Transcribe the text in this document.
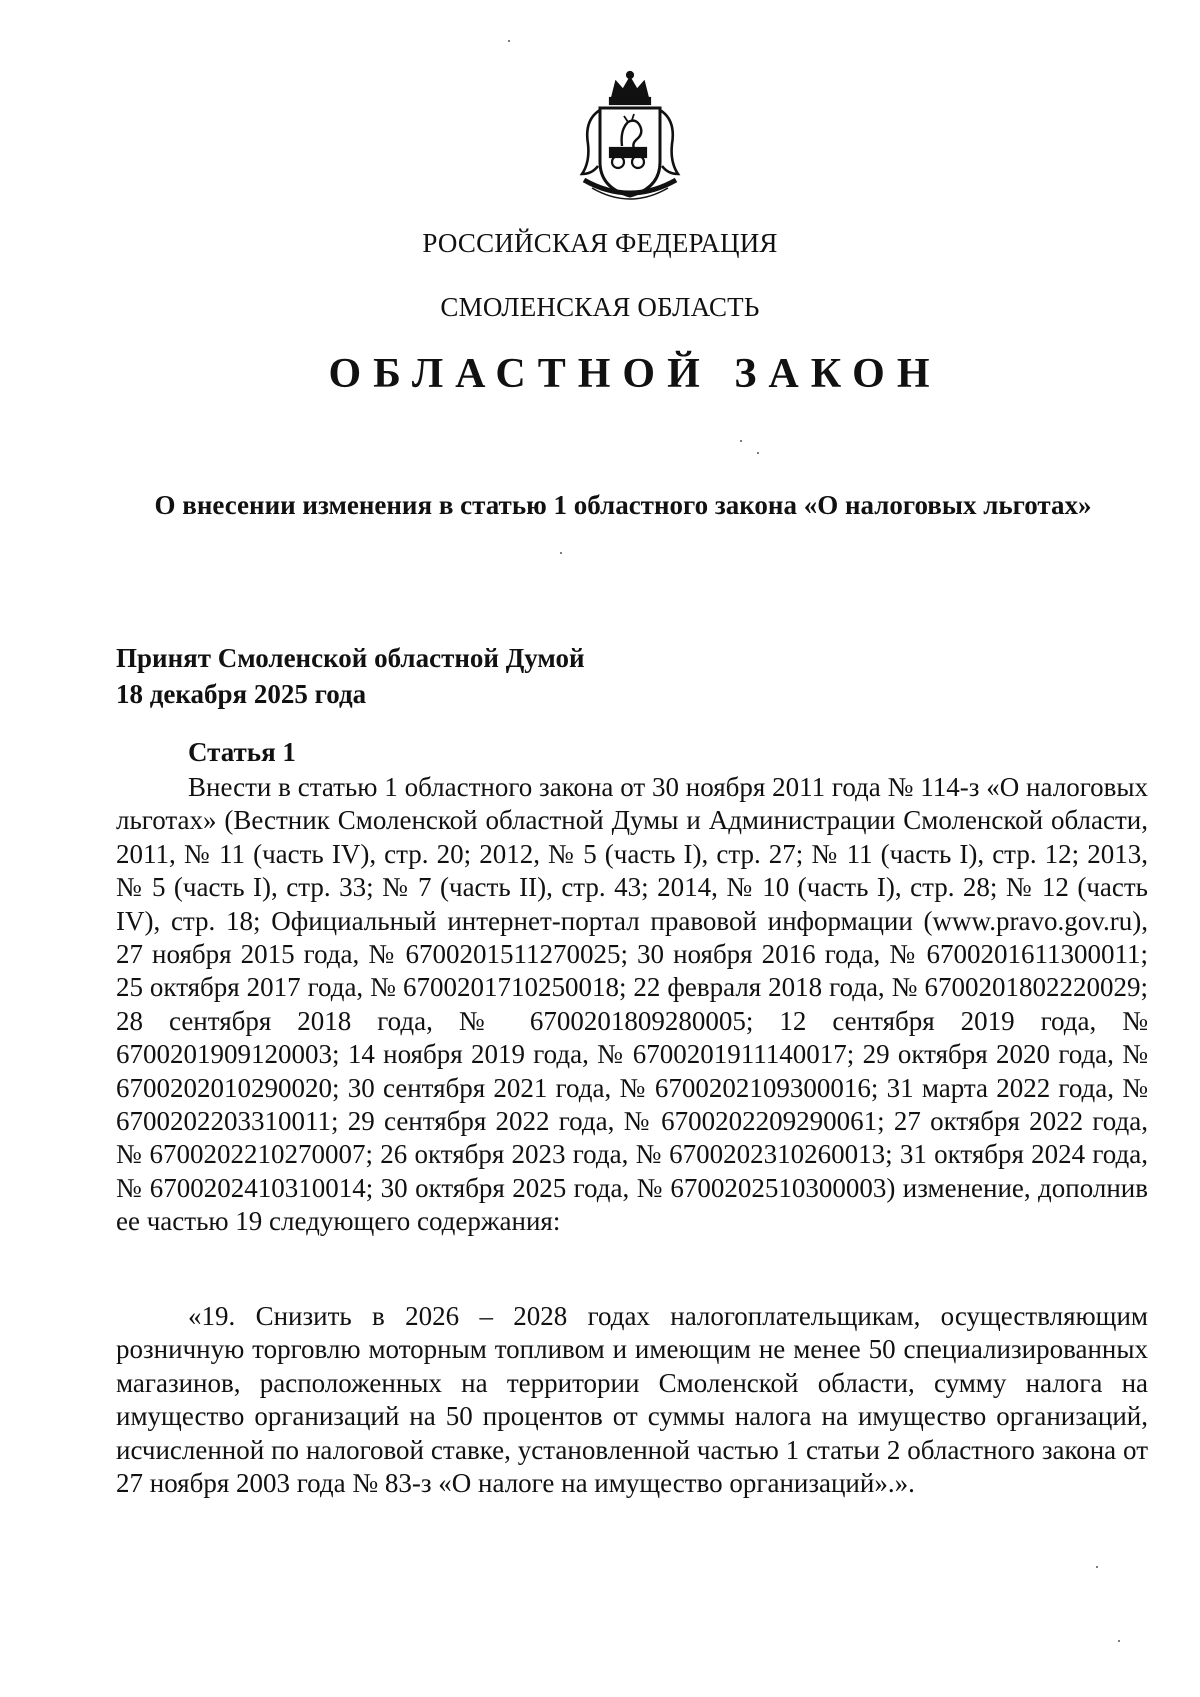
РОССИЙСКАЯ ФЕДЕРАЦИЯ
СМОЛЕНСКАЯ ОБЛАСТЬ
ОБЛАСТНОЙ ЗАКОН
О внесении изменения в статью 1 областного закона «О налоговых льготах»
Принят Смоленской областной Думой
18 декабря 2025 года
Статья 1

Внести в статью 1 областного закона от 30 ноября 2011 года № 114-з «О налоговых льготах» (Вестник Смоленской областной Думы и Администрации Смоленской области, 2011, № 11 (часть IV), стр. 20; 2012, № 5 (часть I), стр. 27; № 11 (часть I), стр. 12; 2013, № 5 (часть I), стр. 33; № 7 (часть II), стр. 43; 2014, № 10 (часть I), стр. 28; № 12 (часть IV), стр. 18; Официальный интернет-портал правовой информации (www.pravo.gov.ru), 27 ноября 2015 года, № 6700201511270025; 30 ноября 2016 года, № 6700201611300011; 25 октября 2017 года, № 6700201710250018; 22 февраля 2018 года, № 6700201802220029; 28 сентября 2018 года, № 6700201809280005; 12 сентября 2019 года, № 6700201909120003; 14 ноября 2019 года, № 6700201911140017; 29 октября 2020 года, № 6700202010290020; 30 сентября 2021 года, № 6700202109300016; 31 марта 2022 года, № 6700202203310011; 29 сентября 2022 года, № 6700202209290061; 27 октября 2022 года, № 6700202210270007; 26 октября 2023 года, № 6700202310260013; 31 октября 2024 года, № 6700202410310014; 30 октября 2025 года, № 6700202510300003) изменение, дополнив ее частью 19 следующего содержания:

«19. Снизить в 2026 – 2028 годах налогоплательщикам, осуществляющим розничную торговлю моторным топливом и имеющим не менее 50 специализированных магазинов, расположенных на территории Смоленской области, сумму налога на имущество организаций на 50 процентов от суммы налога на имущество организаций, исчисленной по налоговой ставке, установленной частью 1 статьи 2 областного закона от 27 ноября 2003 года № 83-з «О налоге на имущество организаций».».
